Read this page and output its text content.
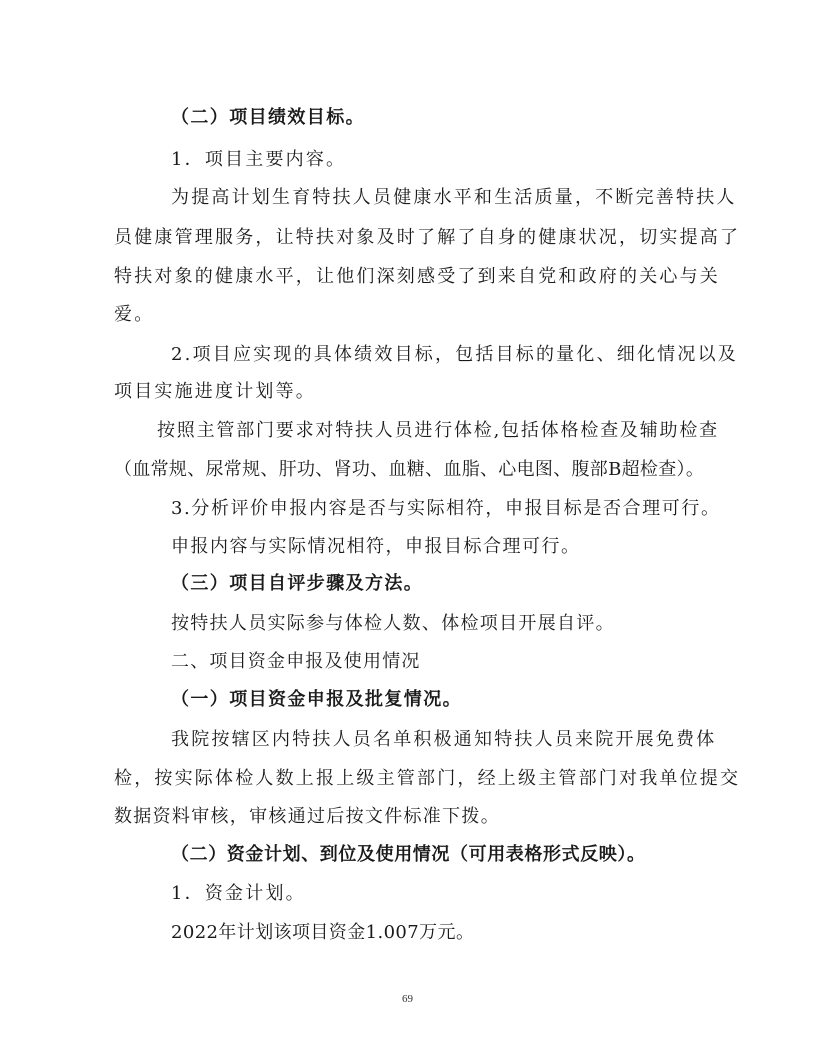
（二）项目绩效目标。
1．项目主要内容。
为提高计划生育特扶人员健康水平和生活质量，不断完善特扶人
员健康管理服务，让特扶对象及时了解了自身的健康状况，切实提高了
特扶对象的健康水平，让他们深刻感受了到来自党和政府的关心与关
爱。
2.项目应实现的具体绩效目标，包括目标的量化、细化情况以及
项目实施进度计划等。
按照主管部门要求对特扶人员进行体检,包括体格检查及辅助检查
（血常规、尿常规、肝功、肾功、血糖、血脂、心电图、腹部B超检查）。
3.分析评价申报内容是否与实际相符，申报目标是否合理可行。
申报内容与实际情况相符，申报目标合理可行。
（三）项目自评步骤及方法。
按特扶人员实际参与体检人数、体检项目开展自评。
二、项目资金申报及使用情况
（一）项目资金申报及批复情况。
我院按辖区内特扶人员名单积极通知特扶人员来院开展免费体
检，按实际体检人数上报上级主管部门，经上级主管部门对我单位提交
数据资料审核，审核通过后按文件标准下拨。
（二）资金计划、到位及使用情况（可用表格形式反映）。
1．资金计划。
2022年计划该项目资金1.007万元。
69
